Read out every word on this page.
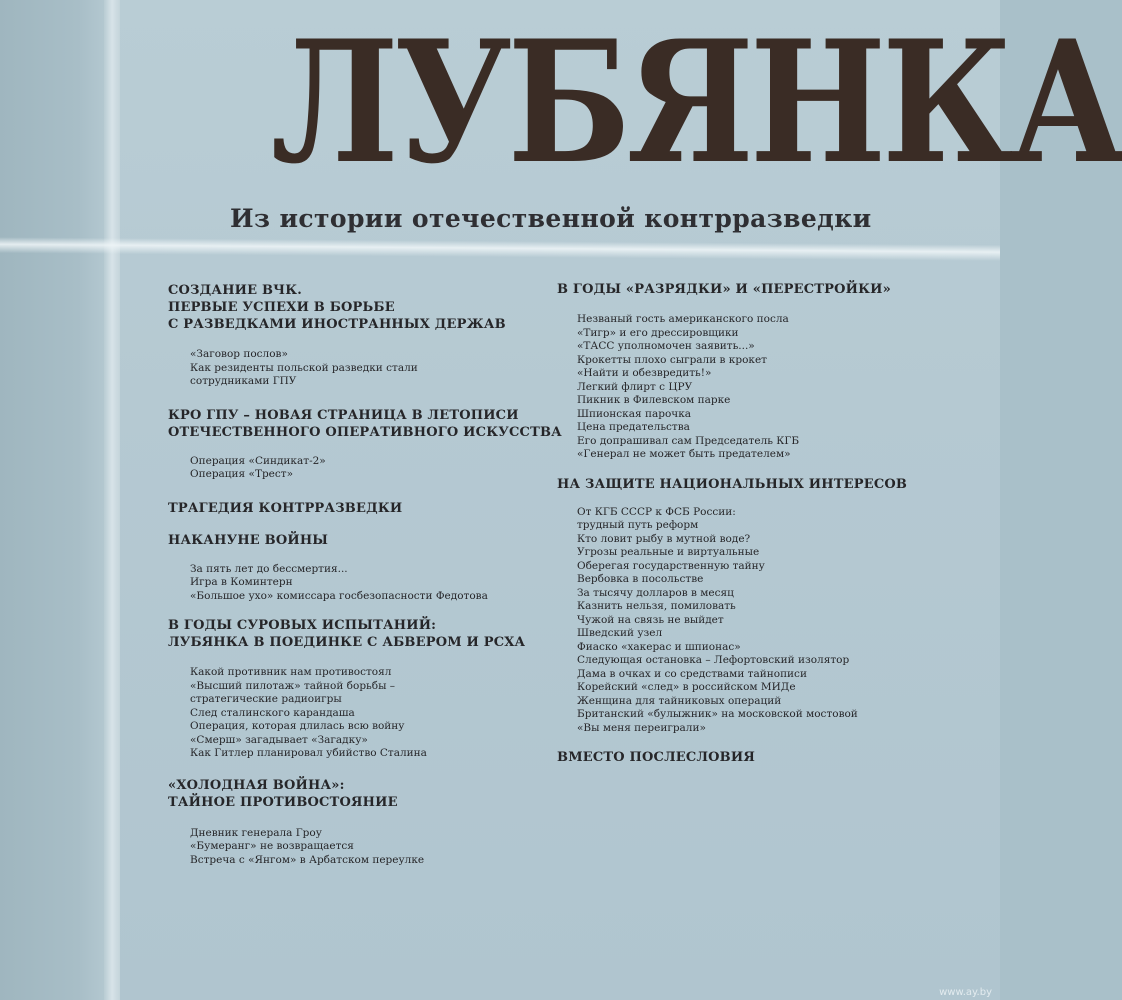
ЛУБЯНКА
Из истории отечественной контрразведки
СОЗДАНИЕ ВЧК.
ПЕРВЫЕ УСПЕХИ В БОРЬБЕ
С РАЗВЕДКАМИ ИНОСТРАННЫХ ДЕРЖАВ
«Заговор послов»
Как резиденты польской разведки стали
сотрудниками ГПУ
КРО ГПУ – НОВАЯ СТРАНИЦА В ЛЕТОПИСИ
ОТЕЧЕСТВЕННОГО ОПЕРАТИВНОГО ИСКУССТВА
Операция «Синдикат-2»
Операция «Трест»
ТРАГЕДИЯ КОНТРРАЗВЕДКИ
НАКАНУНЕ ВОЙНЫ
За пять лет до бессмертия...
Игра в Коминтерн
«Большое ухо» комиссара госбезопасности Федотова
В ГОДЫ СУРОВЫХ ИСПЫТАНИЙ:
ЛУБЯНКА В ПОЕДИНКЕ С АБВЕРОМ И РСХА
Какой противник нам противостоял
«Высший пилотаж» тайной борьбы –
стратегические радиоигры
След сталинского карандаша
Операция, которая длилась всю войну
«Смерш» загадывает «Загадку»
Как Гитлер планировал убийство Сталина
«ХОЛОДНАЯ ВОЙНА»:
ТАЙНОЕ ПРОТИВОСТОЯНИЕ
Дневник генерала Гроу
«Бумеранг» не возвращается
Встреча с «Янгом» в Арбатском переулке
В ГОДЫ «РАЗРЯДКИ» И «ПЕРЕСТРОЙКИ»
Незваный гость американского посла
«Тигр» и его дрессировщики
«ТАСС уполномочен заявить...»
Крокетты плохо сыграли в крокет
«Найти и обезвредить!»
Легкий флирт с ЦРУ
Пикник в Филевском парке
Шпионская парочка
Цена предательства
Его допрашивал сам Председатель КГБ
«Генерал не может быть предателем»
НА ЗАЩИТЕ НАЦИОНАЛЬНЫХ ИНТЕРЕСОВ
От КГБ СССР к ФСБ России:
трудный путь реформ
Кто ловит рыбу в мутной воде?
Угрозы реальные и виртуальные
Оберегая государственную тайну
Вербовка в посольстве
За тысячу долларов в месяц
Казнить нельзя, помиловать
Чужой на связь не выйдет
Шведский узел
Фиаско «хакерас и шпионас»
Следующая остановка – Лефортовский изолятор
Дама в очках и со средствами тайнописи
Корейский «след» в российском МИДе
Женщина для тайниковых операций
Британский «булыжник» на московской мостовой
«Вы меня переиграли»
ВМЕСТО ПОСЛЕСЛОВИЯ
www.ay.by
